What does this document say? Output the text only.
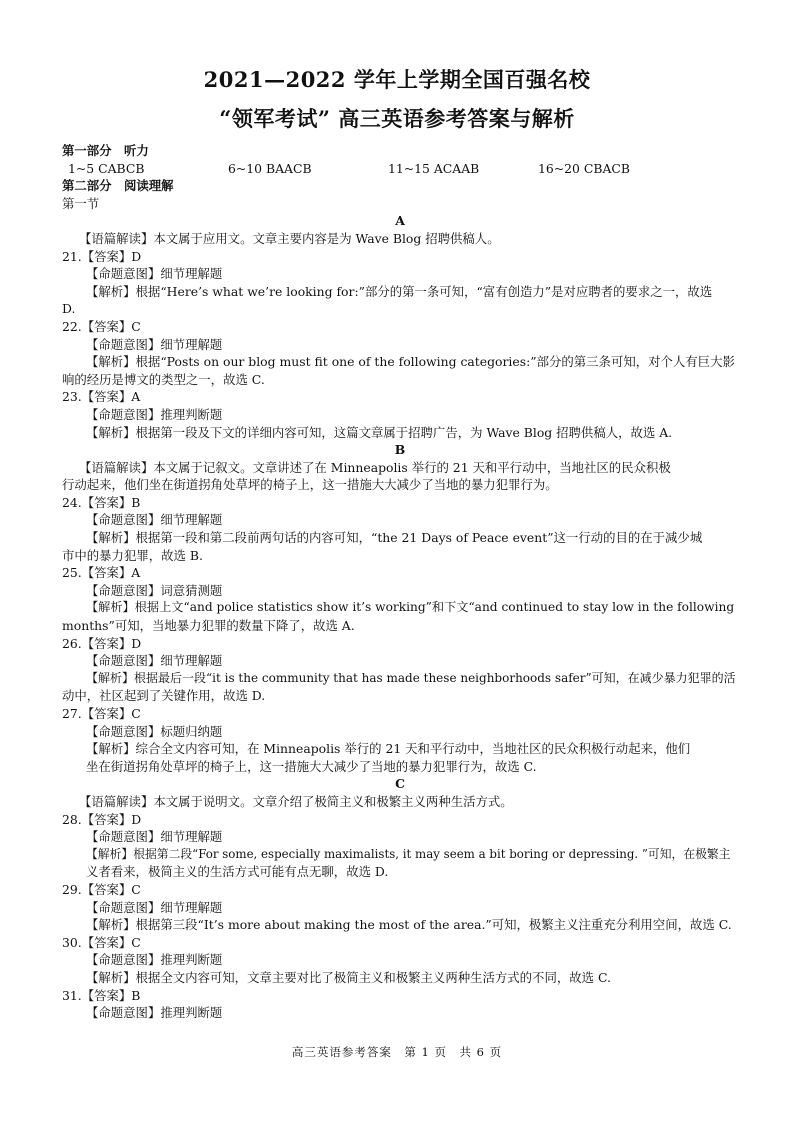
2021—2022 学年上学期全国百强名校
“领军考试” 高三英语参考答案与解析
第一部分　听力
1~5 CABCB	6~10 BAACB	11~15 ACAAB	16~20 CBACB
第二部分　阅读理解
第一节
A
【语篇解读】本文属于应用文。文章主要内容是为 Wave Blog 招聘供稿人。
21.【答案】D
【命题意图】细节理解题
【解析】根据“Here’s what we’re looking for:”部分的第一条可知，“富有创造力”是对应聘者的要求之一，故选
D.
22.【答案】C
【命题意图】细节理解题
【解析】根据“Posts on our blog must fit one of the following categories:”部分的第三条可知，对个人有巨大影
响的经历是博文的类型之一，故选 C.
23.【答案】A
【命题意图】推理判断题
【解析】根据第一段及下文的详细内容可知，这篇文章属于招聘广告，为 Wave Blog 招聘供稿人，故选 A.
B
【语篇解读】本文属于记叙文。文章讲述了在 Minneapolis 举行的 21 天和平行动中，当地社区的民众积极
行动起来，他们坐在街道拐角处草坪的椅子上，这一措施大大减少了当地的暴力犯罪行为。
24.【答案】B
【命题意图】细节理解题
【解析】根据第一段和第二段前两句话的内容可知，“the 21 Days of Peace event”这一行动的目的在于减少城
市中的暴力犯罪，故选 B.
25.【答案】A
【命题意图】词意猜测题
【解析】根据上文“and police statistics show it’s working”和下文“and continued to stay low in the following
months”可知，当地暴力犯罪的数量下降了，故选 A.
26.【答案】D
【命题意图】细节理解题
【解析】根据最后一段“it is the community that has made these neighborhoods safer”可知，在减少暴力犯罪的活
动中，社区起到了关键作用，故选 D.
27.【答案】C
【命题意图】标题归纳题
【解析】综合全文内容可知，在 Minneapolis 举行的 21 天和平行动中，当地社区的民众积极行动起来，他们
坐在街道拐角处草坪的椅子上，这一措施大大减少了当地的暴力犯罪行为，故选 C.
C
【语篇解读】本文属于说明文。文章介绍了极简主义和极繁主义两种生活方式。
28.【答案】D
【命题意图】细节理解题
【解析】根据第二段“For some, especially maximalists, it may seem a bit boring or depressing. ”可知，在极繁主
义者看来，极简主义的生活方式可能有点无聊，故选 D.
29.【答案】C
【命题意图】细节理解题
【解析】根据第三段“It’s more about making the most of the area.”可知，极繁主义注重充分利用空间，故选 C.
30.【答案】C
【命题意图】推理判断题
【解析】根据全文内容可知，文章主要对比了极简主义和极繁主义两种生活方式的不同，故选 C.
31.【答案】B
【命题意图】推理判断题
高三英语参考答案　第 1 页　共 6 页
